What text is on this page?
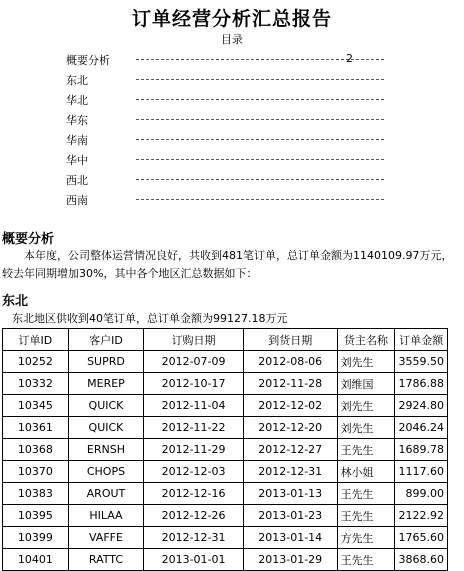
订单经营分析汇总报告
目录
概要分析	2
东北
华北
华东
华南
华中
西北
西南
概要分析
本年度，公司整体运营情况良好，共收到481笔订单，总订单金额为1140109.97万元，较去年同期增加30%，其中各个地区汇总数据如下：
东北
东北地区供收到40笔订单，总订单金额为99127.18万元
订单ID	客户ID	订购日期	到货日期	货主名称	订单金额
10252	SUPRD	2012-07-09	2012-08-06	刘先生	3559.50
10332	MEREP	2012-10-17	2012-11-28	刘维国	1786.88
10345	QUICK	2012-11-04	2012-12-02	刘先生	2924.80
10361	QUICK	2012-11-22	2012-12-20	刘先生	2046.24
10368	ERNSH	2012-11-29	2012-12-27	王先生	1689.78
10370	CHOPS	2012-12-03	2012-12-31	林小姐	1117.60
10383	AROUT	2012-12-16	2013-01-13	王先生	899.00
10395	HILAA	2012-12-26	2013-01-23	王先生	2122.92
10399	VAFFE	2012-12-31	2013-01-14	方先生	1765.60
10401	RATTC	2013-01-01	2013-01-29	王先生	3868.60
